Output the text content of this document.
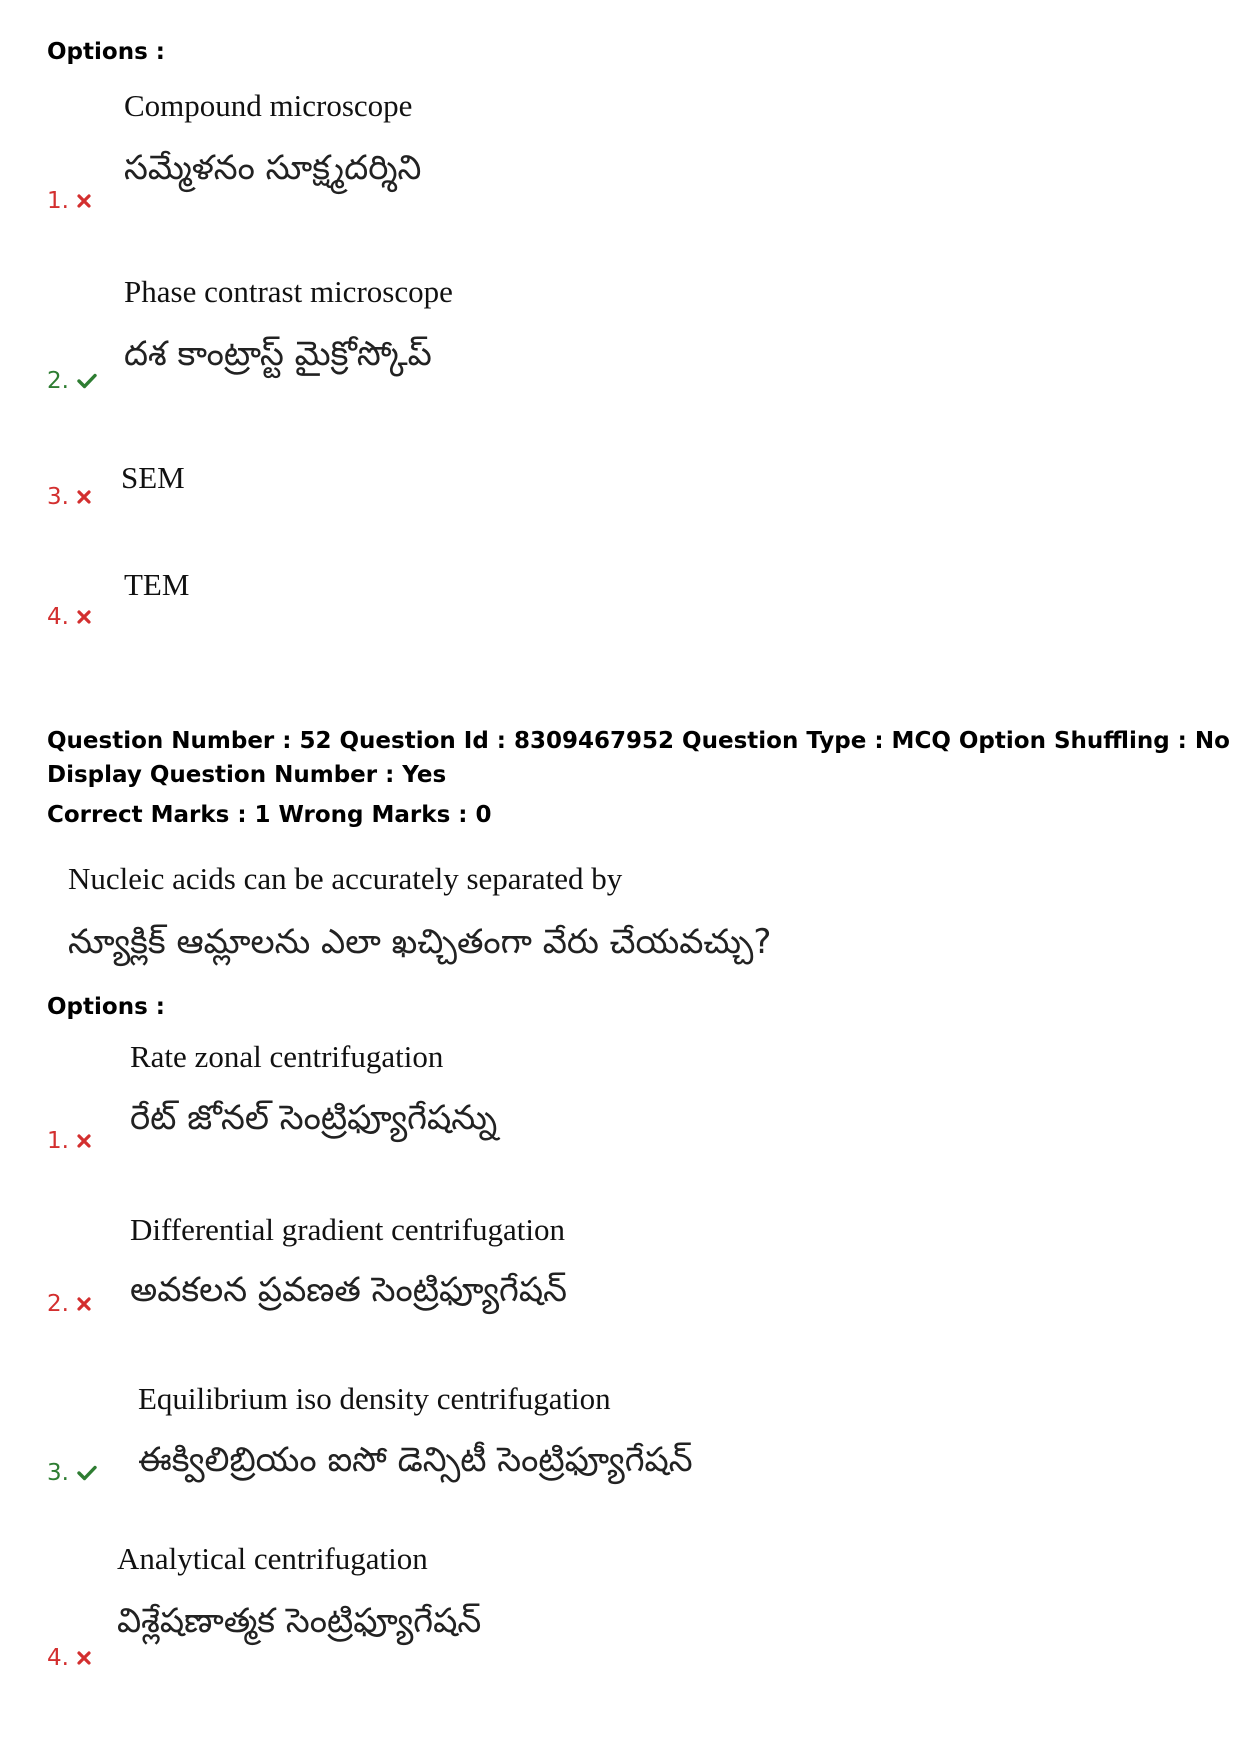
Options :
Compound microscope
సమ్మేళనం సూక్ష్మదర్శిని
1.
Phase contrast microscope
దశ కాంట్రాస్ట్ మైక్రోస్కోప్
2.
SEM
3.
TEM
4.
Question Number : 52 Question Id : 8309467952 Question Type : MCQ Option Shuffling : No
Display Question Number : Yes
Correct Marks : 1 Wrong Marks : 0
Nucleic acids can be accurately separated by
న్యూక్లిక్ ఆమ్లాలను ఎలా ఖచ్చితంగా వేరు చేయవచ్చు?
Options :
Rate zonal centrifugation
రేట్ జోనల్ సెంట్రిఫ్యూగేషన్ను
1.
Differential gradient centrifugation
అవకలన ప్రవణత సెంట్రిఫ్యూగేషన్
2.
Equilibrium iso density centrifugation
ఈక్విలిబ్రియం ఐసో డెన్సిటీ సెంట్రిఫ్యూగేషన్
3.
Analytical centrifugation
విశ్లేషణాత్మక సెంట్రిఫ్యూగేషన్
4.
